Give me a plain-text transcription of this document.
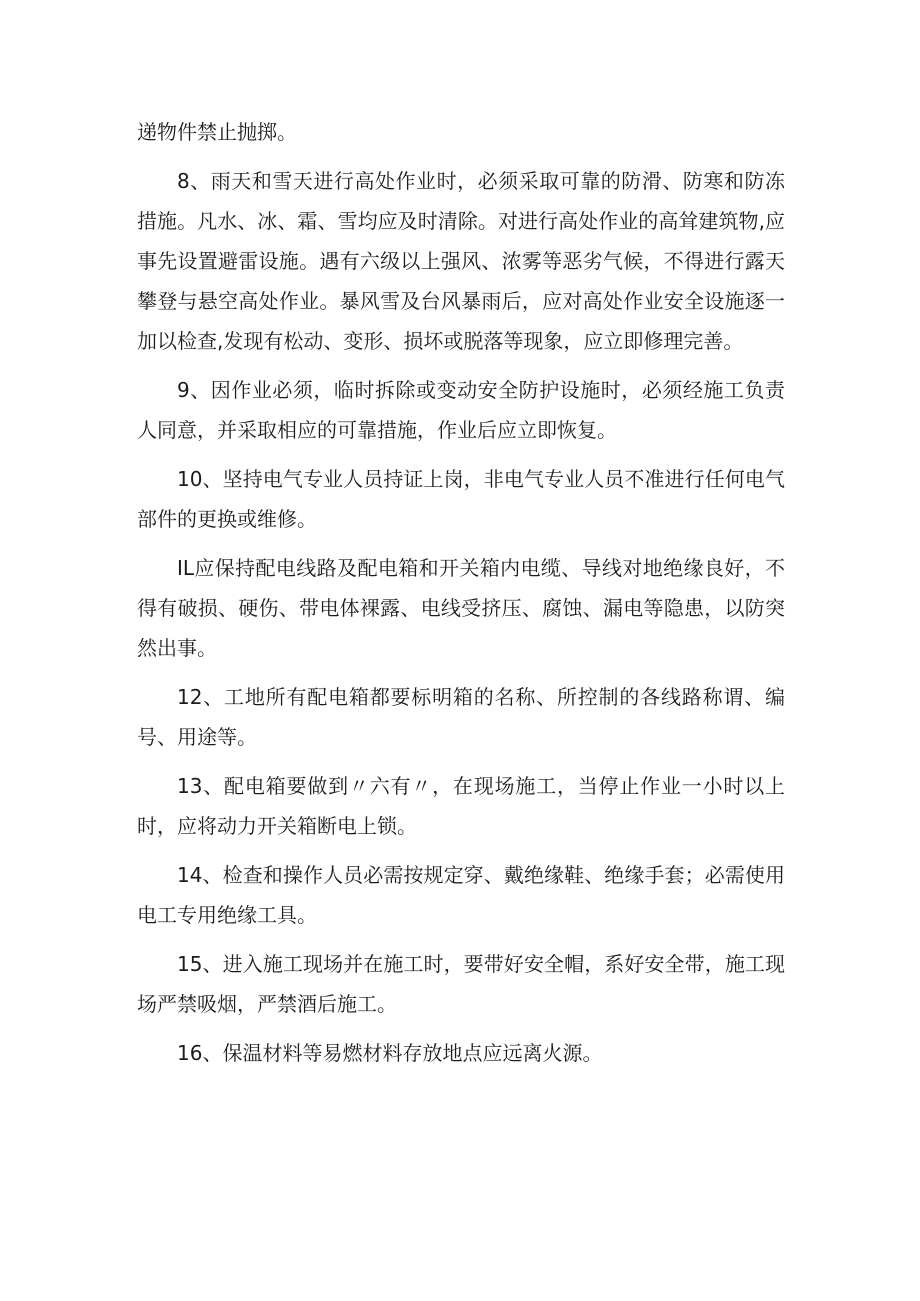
递物件禁止抛掷。

8、雨天和雪天进行高处作业时，必须采取可靠的防滑、防寒和防冻措施。凡水、冰、霜、雪均应及时清除。对进行高处作业的高耸建筑物,应事先设置避雷设施。遇有六级以上强风、浓雾等恶劣气候，不得进行露天攀登与悬空高处作业。暴风雪及台风暴雨后，应对高处作业安全设施逐一加以检查,发现有松动、变形、损坏或脱落等现象，应立即修理完善。

9、因作业必须，临时拆除或变动安全防护设施时，必须经施工负责人同意，并采取相应的可靠措施，作业后应立即恢复。

10、坚持电气专业人员持证上岗，非电气专业人员不准进行任何电气部件的更换或维修。

IL应保持配电线路及配电箱和开关箱内电缆、导线对地绝缘良好，不得有破损、硬伤、带电体裸露、电线受挤压、腐蚀、漏电等隐患，以防突然出事。

12、工地所有配电箱都要标明箱的名称、所控制的各线路称谓、编号、用途等。

13、配电箱要做到〃六有〃，在现场施工，当停止作业一小时以上时，应将动力开关箱断电上锁。

14、检查和操作人员必需按规定穿、戴绝缘鞋、绝缘手套；必需使用电工专用绝缘工具。

15、进入施工现场并在施工时，要带好安全帽，系好安全带，施工现场严禁吸烟，严禁酒后施工。

16、保温材料等易燃材料存放地点应远离火源。
